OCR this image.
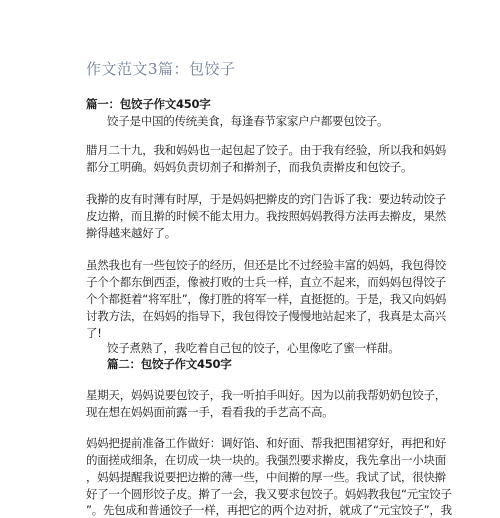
作文范文3篇：包饺子
篇一：包饺子作文450字
饺子是中国的传统美食，每逢春节家家户户都要包饺子。
腊月二十九，我和妈妈也一起包起了饺子。由于我有经验，所以我和妈妈
都分工明确。妈妈负责切剂子和擀剂子，而我负责擀皮和包饺子。
我擀的皮有时薄有时厚，于是妈妈把擀皮的窍门告诉了我：要边转动饺子
皮边擀，而且擀的时候不能太用力。我按照妈妈教得方法再去擀皮，果然
擀得越来越好了。
虽然我也有一些包饺子的经历，但还是比不过经验丰富的妈妈，我包得饺
子个个都东倒西歪，像被打败的士兵一样，直立不起来，而妈妈包得饺子
个个都挺着“将军肚”，像打胜的将军一样，直挺挺的。于是，我又向妈妈
讨教方法，在妈妈的指导下，我包得饺子慢慢地站起来了，我真是太高兴
了!
饺子煮熟了，我吃着自己包的饺子，心里像吃了蜜一样甜。
篇二：包饺子作文450字
星期天，妈妈说要包饺子，我一听拍手叫好。因为以前我帮奶奶包饺子，
现在想在妈妈面前露一手，看看我的手艺高不高。
妈妈把提前准备工作做好：调好馅、和好面、帮我把围裙穿好，再把和好
的面搓成细条，在切成一块一块的。我强烈要求擀皮，我先拿出一小块面
，妈妈提醒我说要把边擀的薄一些，中间擀的厚一些。我试了试，很快擀
好了一个圆形饺子皮。擀了一会，我又要求包饺子。妈妈教我包“元宝饺子
”。先包成和普通饺子一样，再把它的两个边对折，就成了“元宝饺子”，我
